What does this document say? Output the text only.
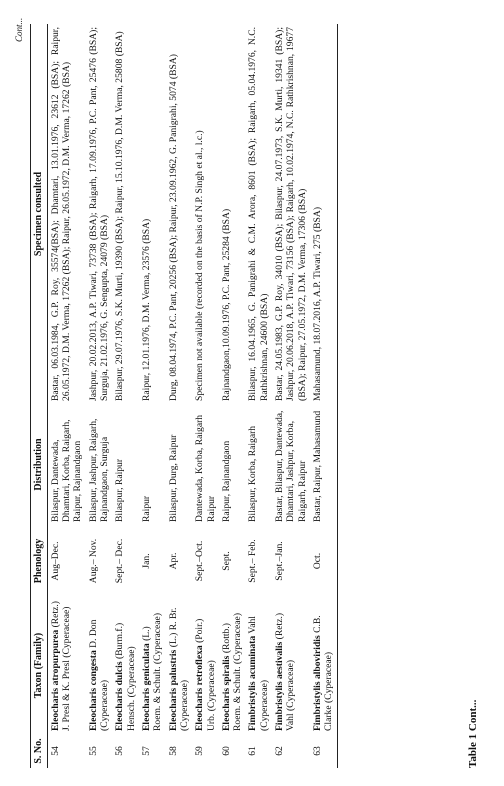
Table 1 Cont...
Cont...
S. No.	Taxon (Family)	Phenology	Distribution	Specimen consulted
54	Eleocharis atropurpurea (Retz.) J. Presl & K. Presl (Cyperaceae)	Aug–Dec.	Bilaspur, Dantewada, Dhamtari, Korba, Raigarh, Raipur, Rajnandgaon	Bastar, 06.03.1984, G.P. Roy, 35574(BSA); Dhamtari, 13.01.1976, 23612 (BSA); Raipur, 26.05.1972, D.M. Verma, 17262 (BSA); Raipur, 26.05.1972, D.M. Verma, 17262 (BSA)
55	Eleocharis congesta D. Don (Cyperaceae)	Aug.– Nov.	Bilaspur, Jashpur, Raigarh, Rajnandgaon, Surguja	Jashpur, 20.02.2013, A.P. Tiwari, 73738 (BSA); Raigarh, 17.09.1976, P.C. Pant, 25476 (BSA); Surguja, 21.02.1976, G. Sengupta, 24079 (BSA)
56	Eleocharis dulcis (Burm.f.) Hensch. (Cyperaceae)	Sept.– Dec.	Bilaspur, Raipur	Bilaspur, 29.07.1976, S.K. Murti, 19390 (BSA); Raipur, 15.10.1976, D.M. Verma, 25808 (BSA)
57	Eleocharis geniculata (L.) Roem. & Schult. (Cyperaceae)	Jan.	Raipur	Raipur, 12.01.1976, D.M. Verma, 23576 (BSA)
58	Eleocharis palustris (L.) R. Br. (Cyperaceae)	Apr.	Bilaspur, Durg, Raipur	Durg, 08.04.1974, P.C. Pant, 20256 (BSA); Raipur, 23.09.1962, G. Panigrahi, 5074 (BSA)
59	Eleocharis retroflexa (Poir.) Urb. (Cyperaceae)	Sept.–Oct.	Dantewada, Korba, Raigarh Raipur	Specimen not available (recorded on the basis of N.P. Singh et al., l.c.)
60	Eleocharis spiralis (Rottb.) Roem. & Schult. (Cyperaceae)	Sept.	Raipur, Rajnandgaon	Rajnandgaon,10.09.1976, P.C. Pant, 25284 (BSA)
61	Fimbristylis acuminata Vahl (Cyperaceae)	Sept.– Feb.	Bilaspur, Korba, Raigarh	Bilaspur, 16.04.1965, G. Panigrahi & C.M. Arora, 8601 (BSA); Raigarh, 05.04.1976, N.C. Rathkrishnan, 24600 (BSA)
62	Fimbristylis aestivalis (Retz.) Vahl (Cyperaceae)	Sept.–Jan.	Bastar, Bilaspur, Dantewada, Dhamtari, Jashpur, Korba, Raigarh, Raipur	Bastar, 24.05.1983, G.P. Roy, 34010 (BSA); Bilaspur, 24.07.1973, S.K. Murti, 19341 (BSA); Jashpur, 20.06.2018, A.P. Tiwari, 73156 (BSA); Raigarh, 10.02.1974, N.C. Rathkrishnan, 19677 (BSA); Raipur, 27.05.1972, D.M. Verma, 17306 (BSA)
63	Fimbristylis alboviridis C.B. Clarke (Cyperaceae)	Oct.	Bastar, Raipur, Mahasamund	Mahasamund, 18.07.2016, A.P. Tiwari, 275 (BSA)
